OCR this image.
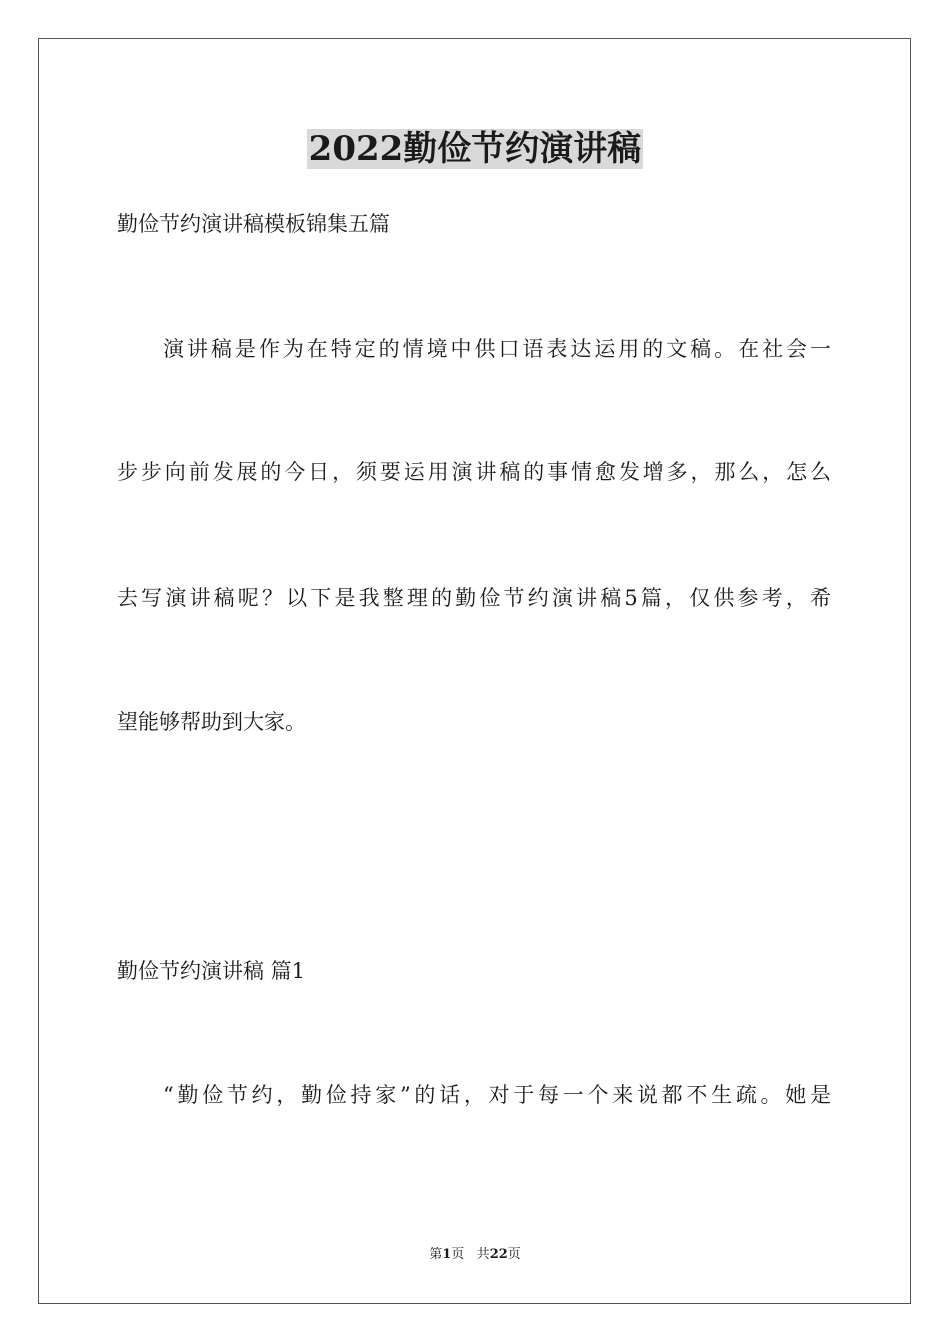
2022勤俭节约演讲稿
勤俭节约演讲稿模板锦集五篇
演讲稿是作为在特定的情境中供口语表达运用的文稿。在社会一
步步向前发展的今日，须要运用演讲稿的事情愈发增多，那么，怎么
去写演讲稿呢？以下是我整理的勤俭节约演讲稿5篇，仅供参考，希
望能够帮助到大家。
勤俭节约演讲稿 篇1
“勤俭节约，勤俭持家”的话，对于每一个来说都不生疏。她是
第1页 共22页
